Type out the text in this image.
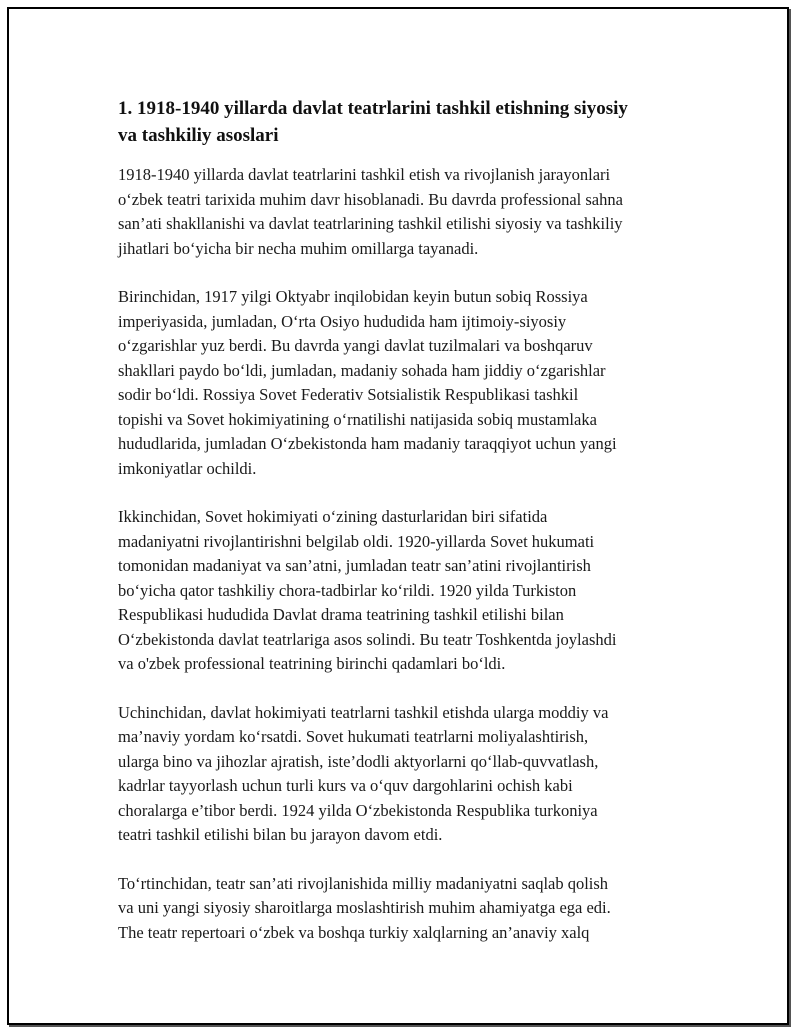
1. 1918-1940 yillarda davlat teatrlarini tashkil etishning siyosiy
va tashkiliy asoslari

1918-1940 yillarda davlat teatrlarini tashkil etish va rivojlanish jarayonlari
o‘zbek teatri tarixida muhim davr hisoblanadi. Bu davrda professional sahna
san’ati shakllanishi va davlat teatrlarining tashkil etilishi siyosiy va tashkiliy
jihatlari bo‘yicha bir necha muhim omillarga tayanadi.

Birinchidan, 1917 yilgi Oktyabr inqilobidan keyin butun sobiq Rossiya
imperiyasida, jumladan, O‘rta Osiyo hududida ham ijtimoiy-siyosiy
o‘zgarishlar yuz berdi. Bu davrda yangi davlat tuzilmalari va boshqaruv
shakllari paydo bo‘ldi, jumladan, madaniy sohada ham jiddiy o‘zgarishlar
sodir bo‘ldi. Rossiya Sovet Federativ Sotsialistik Respublikasi tashkil
topishi va Sovet hokimiyatining o‘rnatilishi natijasida sobiq mustamlaka
hududlarida, jumladan O‘zbekistonda ham madaniy taraqqiyot uchun yangi
imkoniyatlar ochildi.

Ikkinchidan, Sovet hokimiyati o‘zining dasturlaridan biri sifatida
madaniyatni rivojlantirishni belgilab oldi. 1920-yillarda Sovet hukumati
tomonidan madaniyat va san’atni, jumladan teatr san’atini rivojlantirish
bo‘yicha qator tashkiliy chora-tadbirlar ko‘rildi. 1920 yilda Turkiston
Respublikasi hududida Davlat drama teatrining tashkil etilishi bilan
O‘zbekistonda davlat teatrlariga asos solindi. Bu teatr Toshkentda joylashdi
va o'zbek professional teatrining birinchi qadamlari bo‘ldi.

Uchinchidan, davlat hokimiyati teatrlarni tashkil etishda ularga moddiy va
ma’naviy yordam ko‘rsatdi. Sovet hukumati teatrlarni moliyalashtirish,
ularga bino va jihozlar ajratish, iste’dodli aktyorlarni qo‘llab-quvvatlash,
kadrlar tayyorlash uchun turli kurs va o‘quv dargohlarini ochish kabi
choralarga e’tibor berdi. 1924 yilda O‘zbekistonda Respublika turkoniya
teatri tashkil etilishi bilan bu jarayon davom etdi.

To‘rtinchidan, teatr san’ati rivojlanishida milliy madaniyatni saqlab qolish
va uni yangi siyosiy sharoitlarga moslashtirish muhim ahamiyatga ega edi.
The teatr repertoari o‘zbek va boshqa turkiy xalqlarning an’anaviy xalq
